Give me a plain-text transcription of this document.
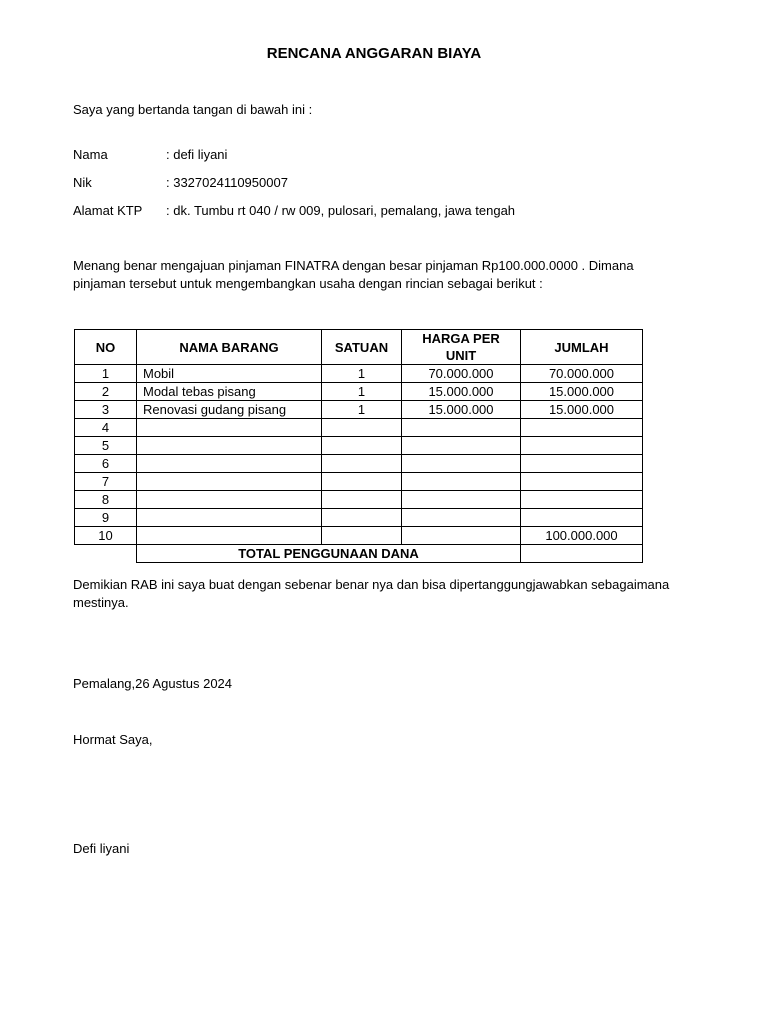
RENCANA ANGGARAN BIAYA
Saya yang bertanda tangan di bawah ini :
Nama	: defi liyani
Nik	: 3327024110950007
Alamat KTP : dk. Tumbu rt 040 / rw 009, pulosari, pemalang, jawa tengah
Menang benar mengajuan pinjaman FINATRA dengan besar pinjaman Rp100.000.0000 . Dimana
pinjaman tersebut untuk mengembangkan usaha dengan rincian sebagai berikut :
NO	NAMA BARANG	SATUAN	HARGA PER UNIT	JUMLAH
1	Mobil	1	70.000.000	70.000.000
2	Modal tebas pisang	1	15.000.000	15.000.000
3	Renovasi gudang pisang	1	15.000.000	15.000.000
4				
5				
6				
7				
8				
9				
10				100.000.000
	TOTAL PENGGUNAAN DANA			
Demikian RAB ini saya buat dengan sebenar benar nya dan bisa dipertanggungjawabkan sebagaimana
mestinya.
Pemalang,26 Agustus 2024
Hormat Saya,
Defi liyani
